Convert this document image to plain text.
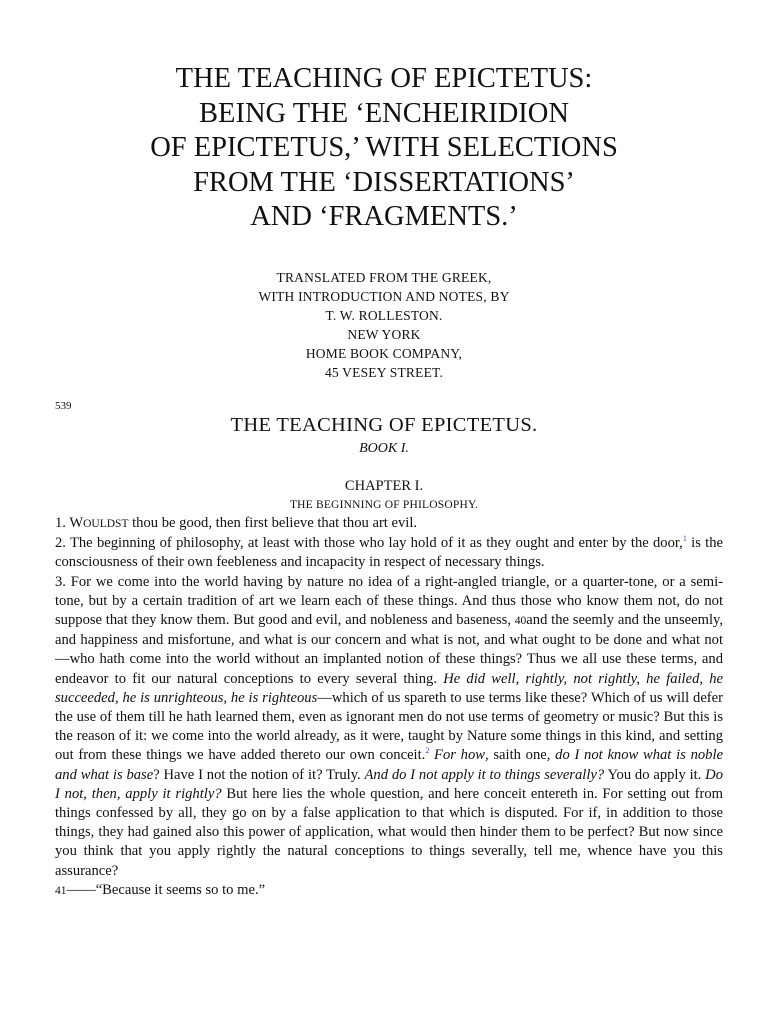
THE TEACHING OF EPICTETUS:
BEING THE ‘ENCHEIRIDION
OF EPICTETUS,’ WITH SELECTIONS
FROM THE ‘DISSERTATIONS’
AND ‘FRAGMENTS.’
TRANSLATED FROM THE GREEK,
WITH INTRODUCTION AND NOTES, BY
T. W. ROLLESTON.
NEW YORK
HOME BOOK COMPANY,
45 VESEY STREET.
539
THE TEACHING OF EPICTETUS.
BOOK I.
CHAPTER I.
THE BEGINNING OF PHILOSOPHY.

1. WOULDST thou be good, then first believe that thou art evil.

2. The beginning of philosophy, at least with those who lay hold of it as they ought and enter by the door,$^1$ is the consciousness of their own feebleness and incapacity in respect of necessary things.

3. For we come into the world having by nature no idea of a right-angled triangle, or a quarter-tone, or a semi-tone, but by a certain tradition of art we learn each of these things. And thus those who know them not, do not suppose that they know them. But good and evil, and nobleness and baseness, 40and the seemly and the unseemly, and happiness and misfortune, and what is our concern and what is not, and what ought to be done and what not—who hath come into the world without an implanted notion of these things? Thus we all use these terms, and endeavor to fit our natural conceptions to every several thing. He did well, rightly, not rightly, he failed, he succeeded, he is unrighteous, he is righteous—which of us spareth to use terms like these? Which of us will defer the use of them till he hath learned them, even as ignorant men do not use terms of geometry or music? But this is the reason of it: we come into the world already, as it were, taught by Nature some things in this kind, and setting out from these things we have added thereto our own conceit.$^2$ For how, saith one, do I not know what is noble and what is base? Have I not the notion of it? Truly. And do I not apply it to things severally? You do apply it. Do I not, then, apply it rightly? But here lies the whole question, and here conceit entereth in. For setting out from things confessed by all, they go on by a false application to that which is disputed. For if, in addition to those things, they had gained also this power of application, what would then hinder them to be perfect? But now since you think that you apply rightly the natural conceptions to things severally, tell me, whence have you this assurance?

41——“Because it seems so to me.”
